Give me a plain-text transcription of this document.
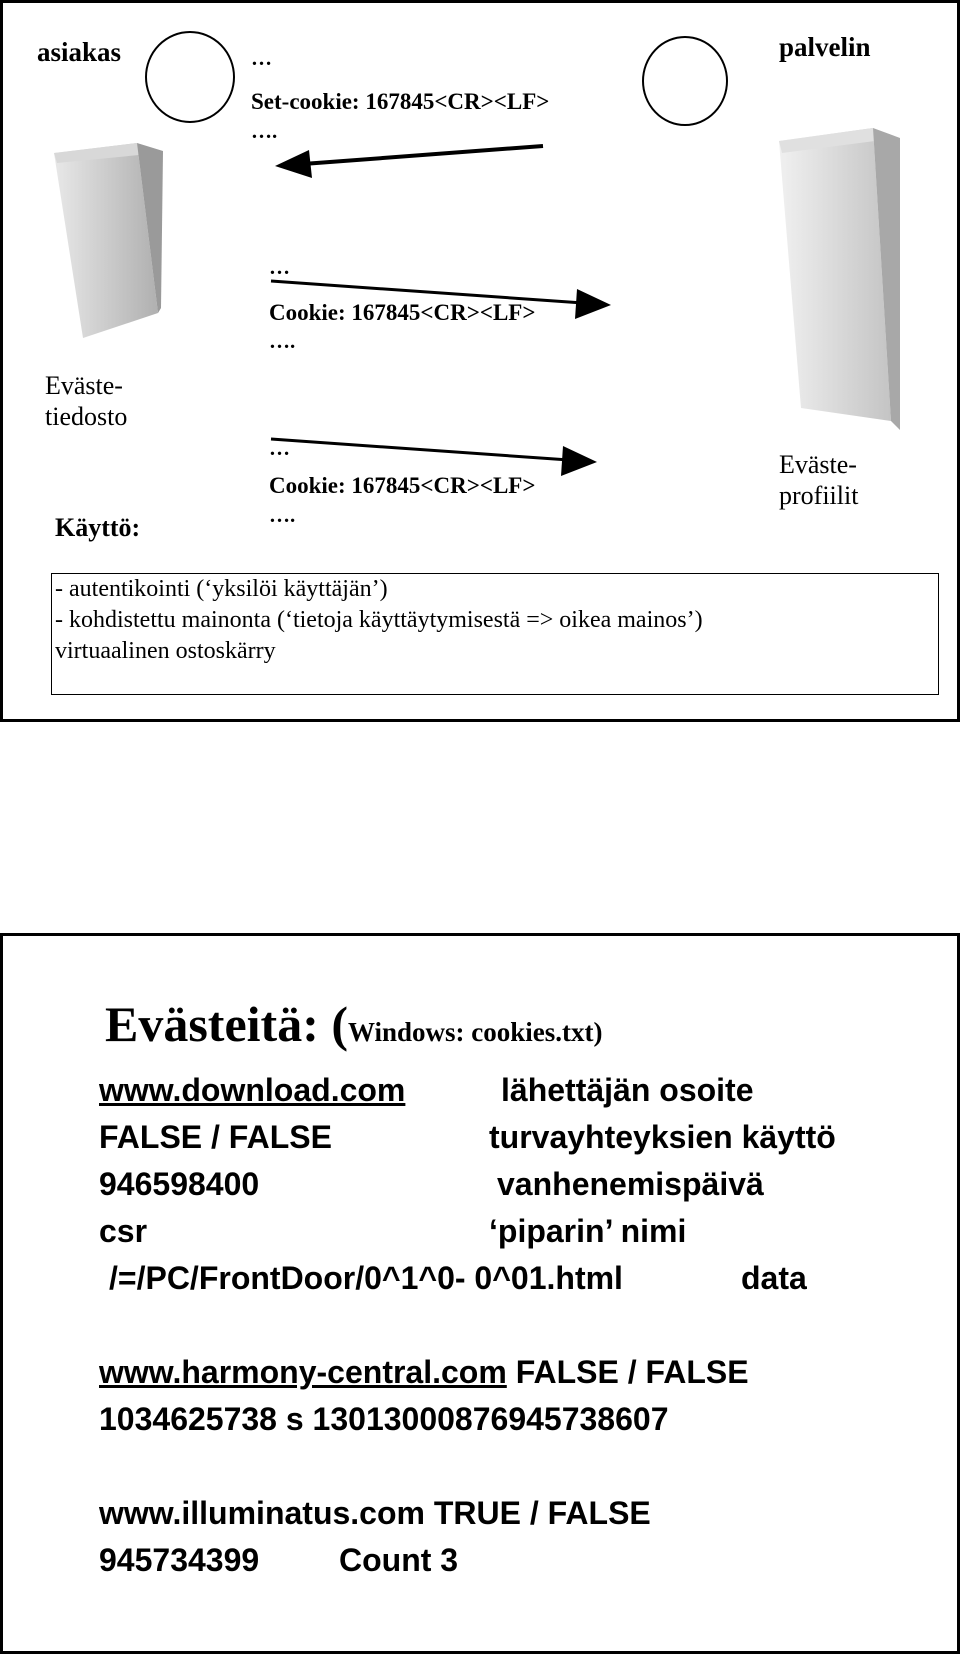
asiakas	palvelin
…
Set-cookie: 167845<CR><LF>
….
…
Cookie: 167845<CR><LF>
….
…
Cookie: 167845<CR><LF>
….
Eväste-
tiedosto
Eväste-
profiilit
Käyttö:
- autentikointi (‘yksilöi käyttäjän’)
- kohdistettu mainonta (‘tietoja käyttäytymisestä => oikea mainos’)
virtuaalinen ostoskärry
Evästeitä: (Windows: cookies.txt)
www.download.com	lähettäjän osoite
FALSE / FALSE	turvayhteyksien käyttö
946598400	vanhenemispäivä
csr	‘piparin’ nimi
/=/PC/FrontDoor/0^1^0- 0^01.html	data
www.harmony-central.com FALSE / FALSE
1034625738 s 130130008769457386​07
www.illuminatus.com TRUE / FALSE
945734399 Count 3
